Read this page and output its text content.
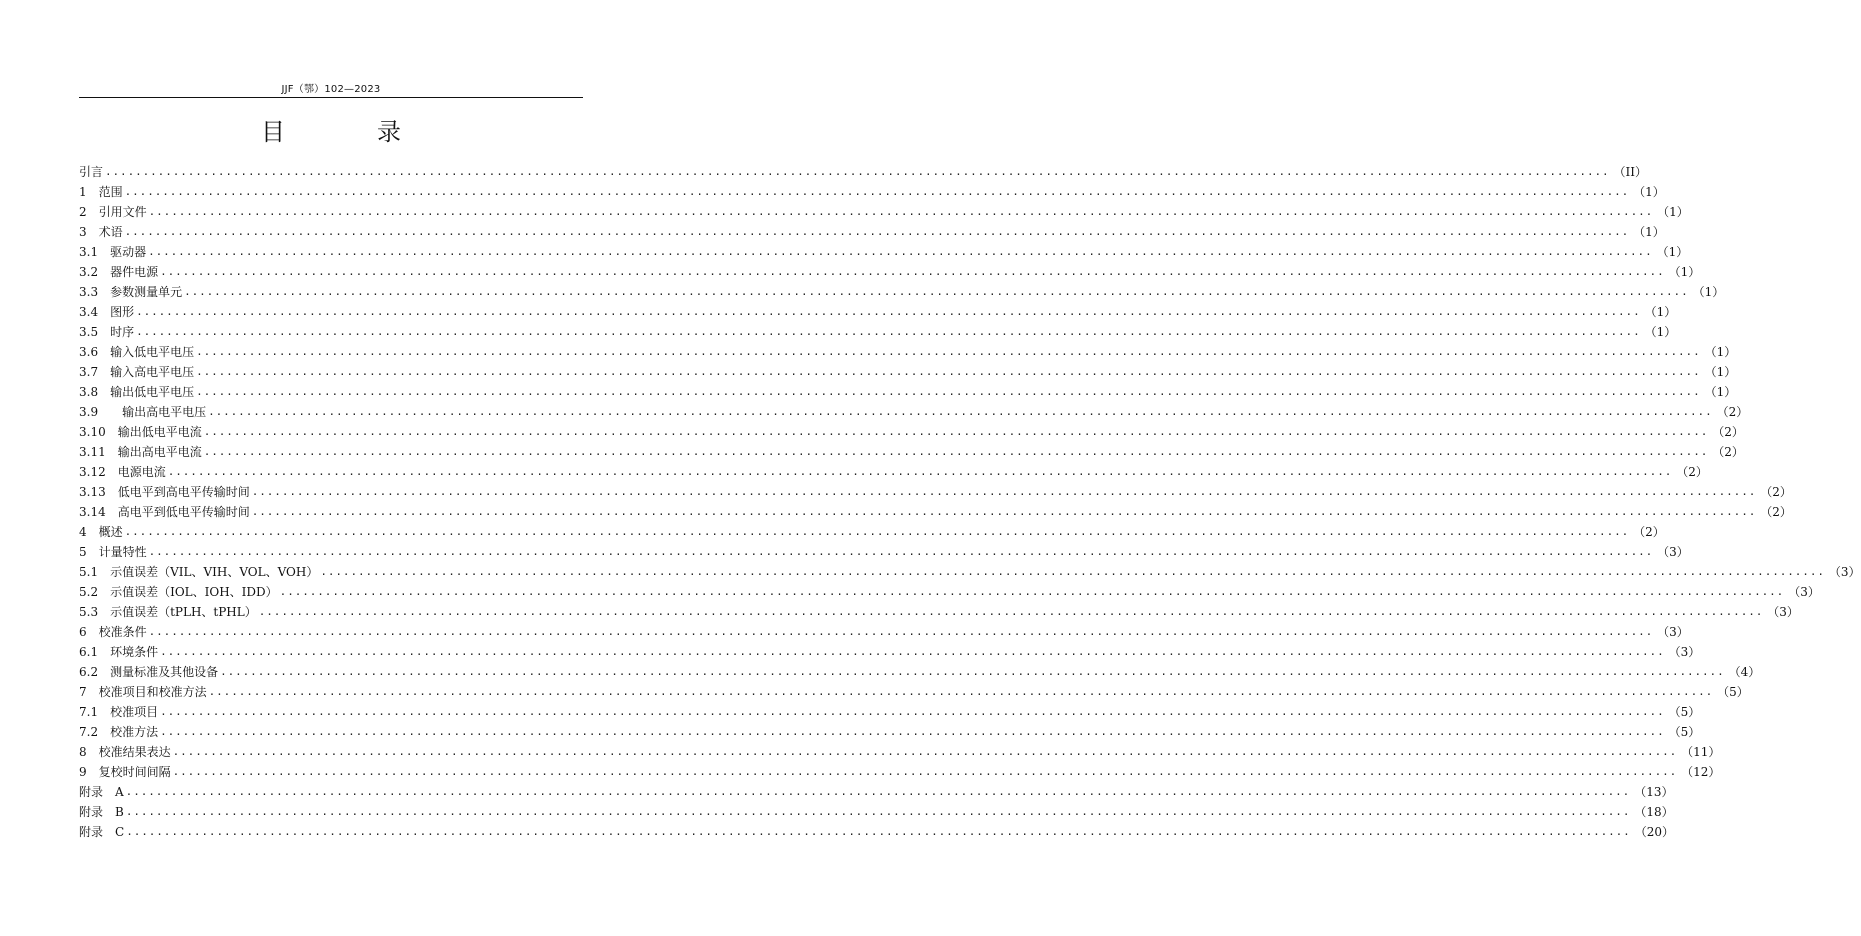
JJF（鄂）102—2023
目　录
引言 ........................................................................................................................................................................................................ （II）
1　范围 ........................................................................................................................................................................................................ （1）
2　引用文件 ........................................................................................................................................................................................................ （1）
3　术语 ........................................................................................................................................................................................................ （1）
3.1　驱动器 ........................................................................................................................................................................................................ （1）
3.2　器件电源 ........................................................................................................................................................................................................ （1）
3.3　参数测量单元 ........................................................................................................................................................................................................ （1）
3.4　图形 ........................................................................................................................................................................................................ （1）
3.5　时序 ........................................................................................................................................................................................................ （1）
3.6　输入低电平电压 ........................................................................................................................................................................................................ （1）
3.7　输入高电平电压 ........................................................................................................................................................................................................ （1）
3.8　输出低电平电压 ........................................................................................................................................................................................................ （1）
3.9　　输出高电平电压 ........................................................................................................................................................................................................ （2）
3.10　输出低电平电流 ........................................................................................................................................................................................................ （2）
3.11　输出高电平电流 ........................................................................................................................................................................................................ （2）
3.12　电源电流 ........................................................................................................................................................................................................ （2）
3.13　低电平到高电平传输时间 ........................................................................................................................................................................................................ （2）
3.14　高电平到低电平传输时间 ........................................................................................................................................................................................................ （2）
4　概述 ........................................................................................................................................................................................................ （2）
5　计量特性 ........................................................................................................................................................................................................ （3）
5.1　示值误差（VIL、VIH、VOL、VOH） ........................................................................................................................................................................................................ （3）
5.2　示值误差（IOL、IOH、IDD） ........................................................................................................................................................................................................ （3）
5.3　示值误差（tPLH、tPHL） ........................................................................................................................................................................................................ （3）
6　校准条件 ........................................................................................................................................................................................................ （3）
6.1　环境条件 ........................................................................................................................................................................................................ （3）
6.2　测量标准及其他设备 ........................................................................................................................................................................................................ （4）
7　校准项目和校准方法 ........................................................................................................................................................................................................ （5）
7.1　校准项目 ........................................................................................................................................................................................................ （5）
7.2　校准方法 ........................................................................................................................................................................................................ （5）
8　校准结果表达 ........................................................................................................................................................................................................ （11）
9　复校时间间隔 ........................................................................................................................................................................................................ （12）
附录　A ........................................................................................................................................................................................................ （13）
附录　B ........................................................................................................................................................................................................ （18）
附录　C ........................................................................................................................................................................................................ （20）
